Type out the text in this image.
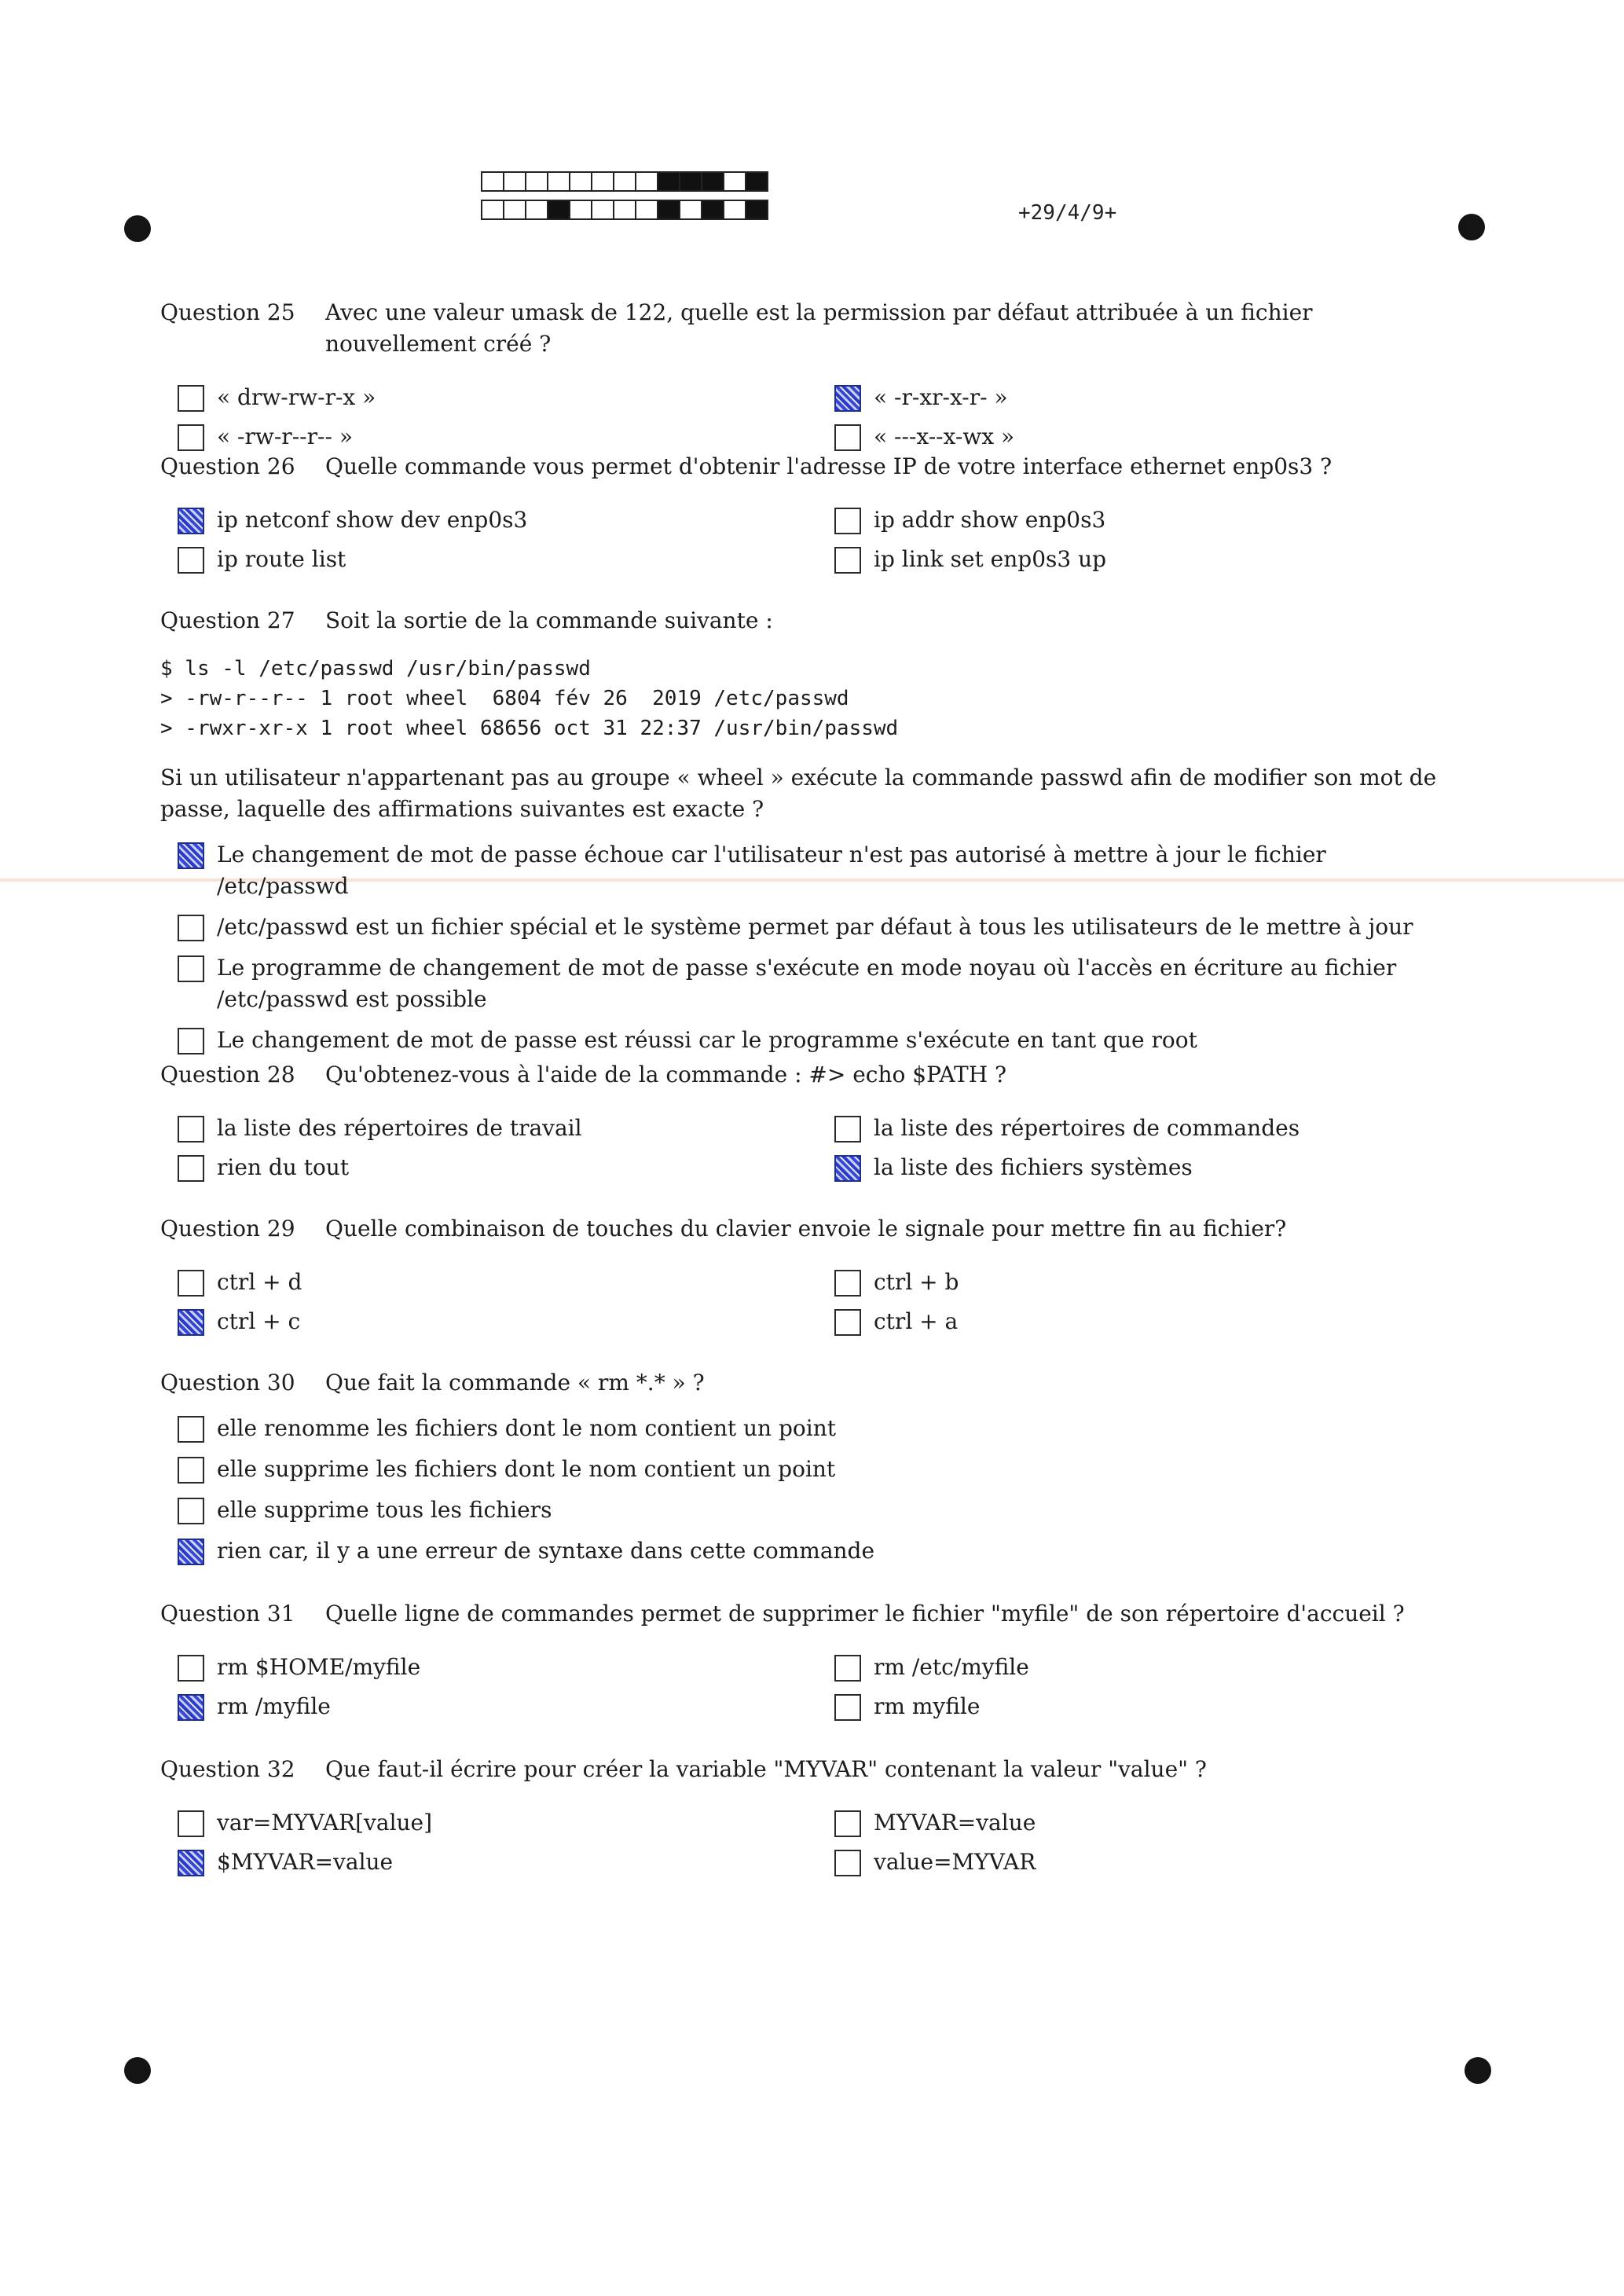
+29/4/9+
Question 25	Avec une valeur umask de 122, quelle est la permission par défaut attribuée à un fichier nouvellement créé ?
« drw-rw-r-x »	« -r-xr-x-r- »
« -rw-r--r-- »	« ---x--x-wx »
Question 26	Quelle commande vous permet d'obtenir l'adresse IP de votre interface ethernet enp0s3 ?
ip netconf show dev enp0s3	ip addr show enp0s3
ip route list	ip link set enp0s3 up
Question 27	Soit la sortie de la commande suivante :
$ ls -l /etc/passwd /usr/bin/passwd
> -rw-r--r-- 1 root wheel  6804 fév 26  2019 /etc/passwd
> -rwxr-xr-x 1 root wheel 68656 oct 31 22:37 /usr/bin/passwd
Si un utilisateur n'appartenant pas au groupe « wheel » exécute la commande passwd afin de modifier son mot de passe, laquelle des affirmations suivantes est exacte ?
Le changement de mot de passe échoue car l'utilisateur n'est pas autorisé à mettre à jour le fichier /etc/passwd
/etc/passwd est un fichier spécial et le système permet par défaut à tous les utilisateurs de le mettre à jour
Le programme de changement de mot de passe s'exécute en mode noyau où l'accès en écriture au fichier /etc/passwd est possible
Le changement de mot de passe est réussi car le programme s'exécute en tant que root
Question 28	Qu'obtenez-vous à l'aide de la commande : #> echo $PATH ?
la liste des répertoires de travail	la liste des répertoires de commandes
rien du tout	la liste des fichiers systèmes
Question 29	Quelle combinaison de touches du clavier envoie le signale pour mettre fin au fichier?
ctrl + d	ctrl + b
ctrl + c	ctrl + a
Question 30	Que fait la commande « rm *.* » ?
elle renomme les fichiers dont le nom contient un point
elle supprime les fichiers dont le nom contient un point
elle supprime tous les fichiers
rien car, il y a une erreur de syntaxe dans cette commande
Question 31	Quelle ligne de commandes permet de supprimer le fichier "myfile" de son répertoire d'accueil ?
rm $HOME/myfile	rm /etc/myfile
rm /myfile	rm myfile
Question 32	Que faut-il écrire pour créer la variable "MYVAR" contenant la valeur "value" ?
var=MYVAR[value]	MYVAR=value
$MYVAR=value	value=MYVAR
